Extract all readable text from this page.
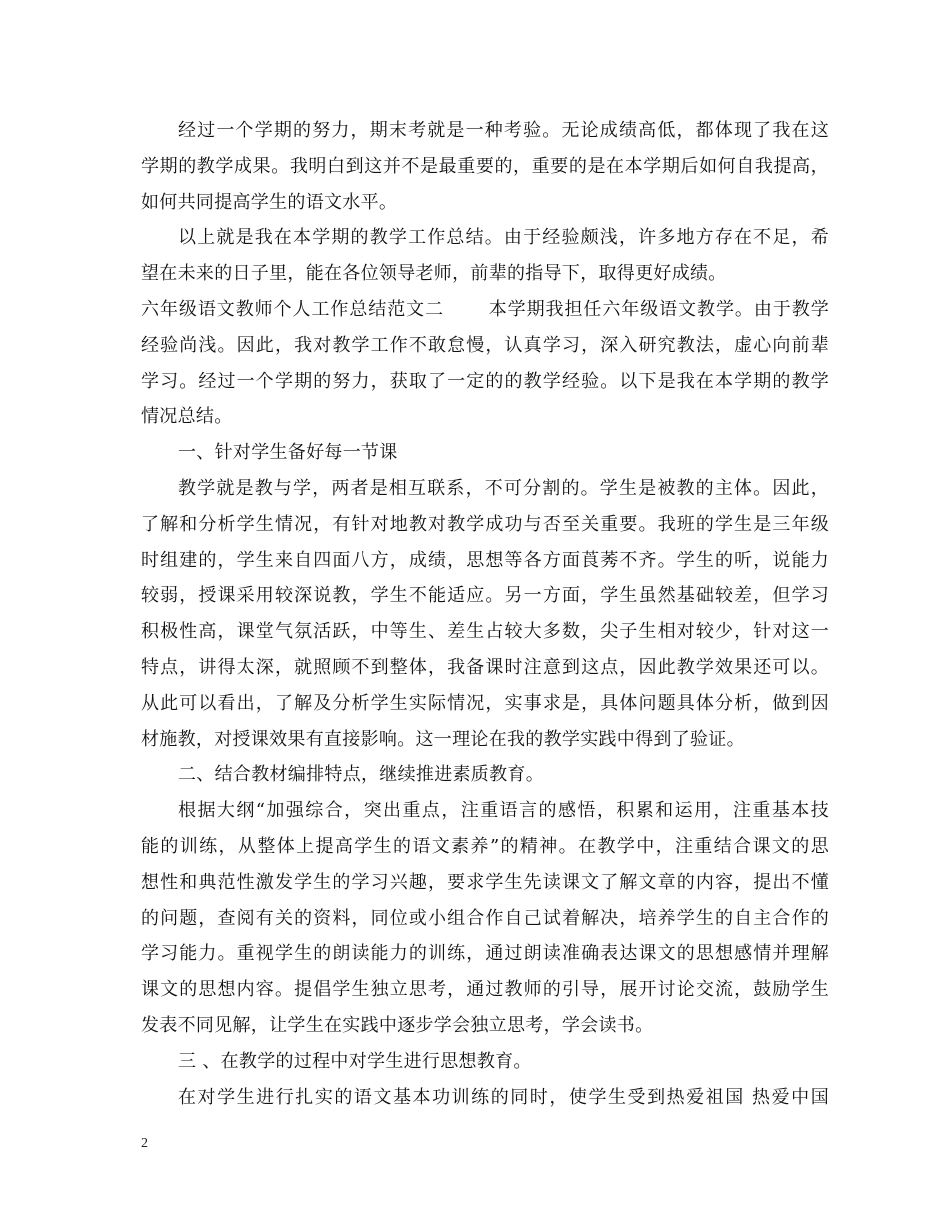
经过一个学期的努力，期末考就是一种考验。无论成绩高低，都体现了我在这
学期的教学成果。我明白到这并不是最重要的，重要的是在本学期后如何自我提高，
如何共同提高学生的语文水平。
以上就是我在本学期的教学工作总结。由于经验颇浅，许多地方存在不足，希
望在未来的日子里，能在各位领导老师，前辈的指导下，取得更好成绩。
六年级语文教师个人工作总结范文二 本学期我担任六年级语文教学。由于教学
经验尚浅。因此，我对教学工作不敢怠慢，认真学习，深入研究教法，虚心向前辈
学习。经过一个学期的努力，获取了一定的的教学经验。以下是我在本学期的教学
情况总结。
一、针对学生备好每一节课
教学就是教与学，两者是相互联系，不可分割的。学生是被教的主体。因此，
了解和分析学生情况，有针对地教对教学成功与否至关重要。我班的学生是三年级
时组建的，学生来自四面八方，成绩，思想等各方面莨莠不齐。学生的听，说能力
较弱，授课采用较深说教，学生不能适应。另一方面，学生虽然基础较差，但学习
积极性高，课堂气氛活跃，中等生、差生占较大多数，尖子生相对较少，针对这一
特点，讲得太深，就照顾不到整体，我备课时注意到这点，因此教学效果还可以。
从此可以看出，了解及分析学生实际情况，实事求是，具体问题具体分析，做到因
材施教，对授课效果有直接影响。这一理论在我的教学实践中得到了验证。
二、结合教材编排特点，继续推进素质教育。
根据大纲“加强综合，突出重点，注重语言的感悟，积累和运用，注重基本技
能的训练，从整体上提高学生的语文素养”的精神。在教学中，注重结合课文的思
想性和典范性激发学生的学习兴趣，要求学生先读课文了解文章的内容，提出不懂
的问题，查阅有关的资料，同位或小组合作自己试着解决，培养学生的自主合作的
学习能力。重视学生的朗读能力的训练，通过朗读准确表达课文的思想感情并理解
课文的思想内容。提倡学生独立思考，通过教师的引导，展开讨论交流，鼓励学生
发表不同见解，让学生在实践中逐步学会独立思考，学会读书。
三 、在教学的过程中对学生进行思想教育。
在对学生进行扎实的语文基本功训练的同时，使学生受到热爱祖国 热爱中国
2
